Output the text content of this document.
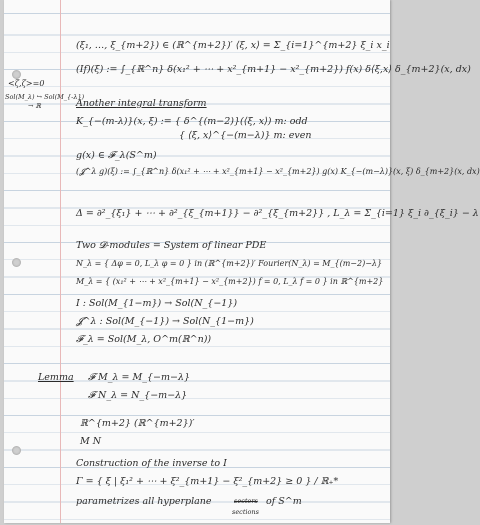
<ζ,ζ>=0
Sol(M_λ) ↪ Sol(M_{-λ})
→ ℝ
(ξ₁, …, ξ_{m+2}) ∈ (ℝ^{m+2})′ ⟨ξ, x⟩ = Σ_{i=1}^{m+2} ξ_i x_i
(If)(ξ) := ∫_{ℝ^n} δ(x₁² + ⋯ + x²_{m+1} − x²_{m+2}) f(x) δ⟨ξ,x⟩ δ_{m+2}(x, dx)
Another integral transform
K_{−(m-λ)}(x, ξ) := { δ^{(m−2)}(⟨ξ, x⟩) m: odd
{ ⟨ξ, x⟩^{−(m−λ)} m: even
g(x) ∈ 𝓕_λ(S^m)
(𝓙^λ g)(ξ) := ∫_{ℝ^n} δ(x₁² + ⋯ + x²_{m+1} − x²_{m+2}) g(x) K_{−(m−λ)}(x, ξ) δ_{m+2}(x, dx)
Δ = ∂²_{ξ₁} + ⋯ + ∂²_{ξ_{m+1}} − ∂²_{ξ_{m+2}} , L_λ = Σ_{i=1} ξ_i ∂_{ξ_i} − λ
Two 𝓓-modules = System of linear PDE
N_λ = { Δφ = 0, L_λ φ = 0 } in (ℝ^{m+2})′ Fourier(N_λ) = M_{(m−2)−λ}
M_λ = { (x₁² + ⋯ + x²_{m+1} − x²_{m+2}) f = 0, L_λ f = 0 } in ℝ^{m+2}
I : Sol(M_{1−m}) → Sol(N_{−1})
𝓙^λ : Sol(M_{−1}) → Sol(N_{1−m})
𝓕_λ = Sol(M_λ, O^m(ℝ^n))
Lemma 𝓕 M_λ = M_{−m−λ}
𝓕 N_λ = N_{−m−λ}
ℝ^{m+2} (ℝ^{m+2})′
M N
Construction of the inverse to I
Γ = { ξ | ξ₁² + ⋯ + ξ²_{m+1} − ξ²_{m+2} ≥ 0 } / ℝ₊*
parametrizes all hyperplane	sectors
sections
of S^m
